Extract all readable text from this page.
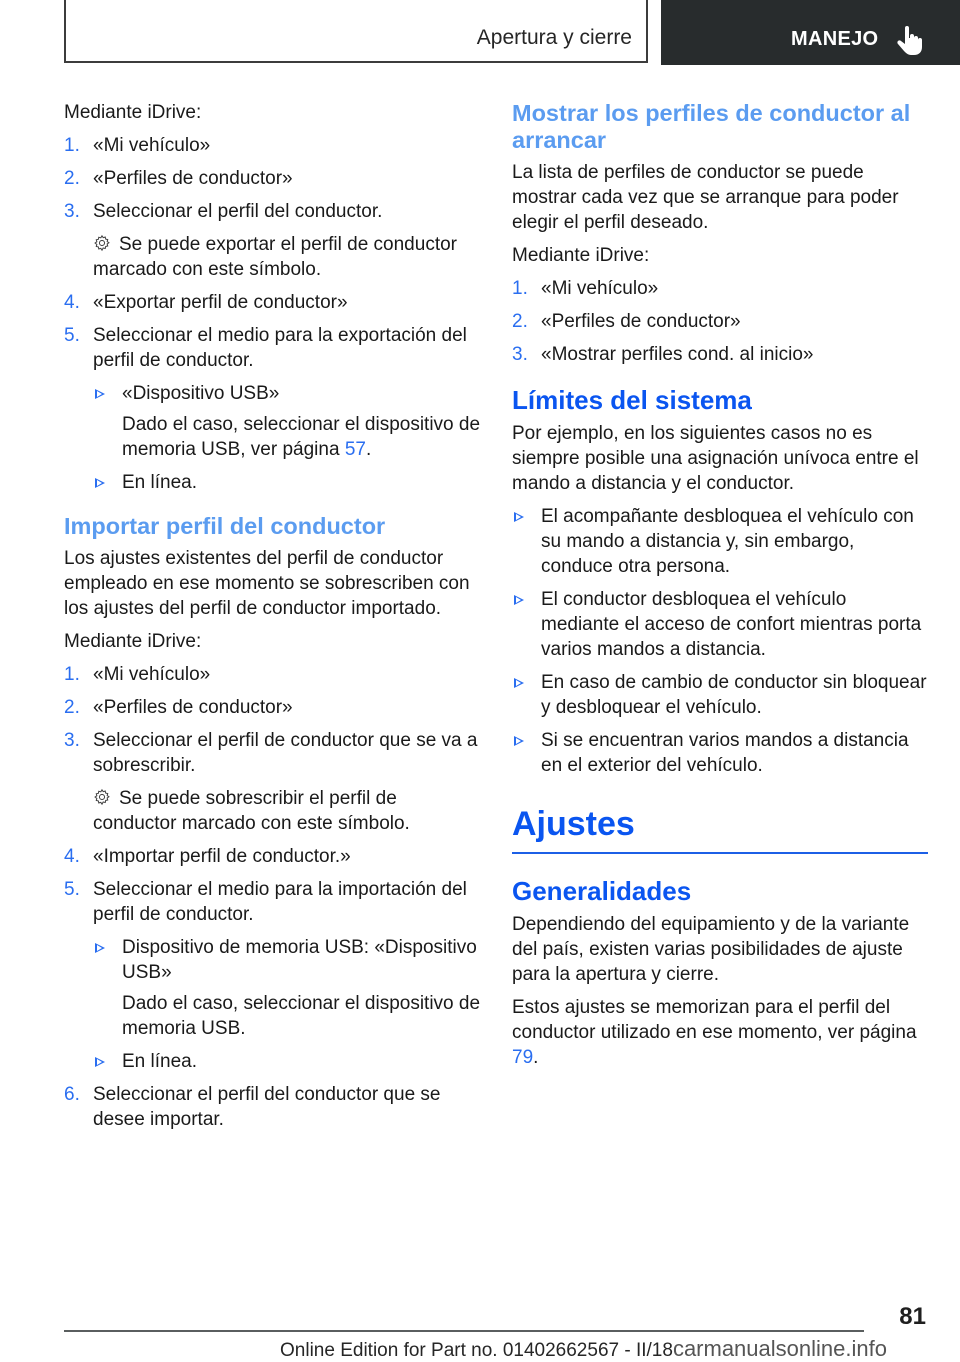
Apertura y cierre	MANEJO

Mediante iDrive:

1. «Mi vehículo»
2. «Perfiles de conductor»
3. Seleccionar el perfil del conductor.
Se puede exportar el perfil de conductor marcado con este símbolo.
4. «Exportar perfil de conductor»
5. Seleccionar el medio para la exportación del perfil de conductor.
«Dispositivo USB»
Dado el caso, seleccionar el dispositivo de memoria USB, ver página 57.
En línea.
Importar perfil del conductor

Los ajustes existentes del perfil de conductor empleado en ese momento se sobrescriben con los ajustes del perfil de conductor importado.

Mediante iDrive:

1. «Mi vehículo»
2. «Perfiles de conductor»
3. Seleccionar el perfil de conductor que se va a sobrescribir.
Se puede sobrescribir el perfil de conductor marcado con este símbolo.
4. «Importar perfil de conductor.»
5. Seleccionar el medio para la importación del perfil de conductor.
Dispositivo de memoria USB: «Dispositivo USB»
Dado el caso, seleccionar el dispositivo de memoria USB.
En línea.
6. Seleccionar el perfil del conductor que se desee importar.
Mostrar los perfiles de conductor al arrancar

La lista de perfiles de conductor se puede mostrar cada vez que se arranque para poder elegir el perfil deseado.

Mediante iDrive:

1. «Mi vehículo»
2. «Perfiles de conductor»
3. «Mostrar perfiles cond. al inicio»
Límites del sistema

Por ejemplo, en los siguientes casos no es siempre posible una asignación unívoca entre el mando a distancia y el conductor.

El acompañante desbloquea el vehículo con su mando a distancia y, sin embargo, conduce otra persona.
El conductor desbloquea el vehículo mediante el acceso de confort mientras porta varios mandos a distancia.
En caso de cambio de conductor sin bloquear y desbloquear el vehículo.
Si se encuentran varios mandos a distancia en el exterior del vehículo.
Ajustes
Generalidades

Dependiendo del equipamiento y de la variante del país, existen varias posibilidades de ajuste para la apertura y cierre.

Estos ajustes se memorizan para el perfil del conductor utilizado en ese momento, ver página 79.

81
Online Edition for Part no. 01402662567 - II/18carmanualsonline.info
